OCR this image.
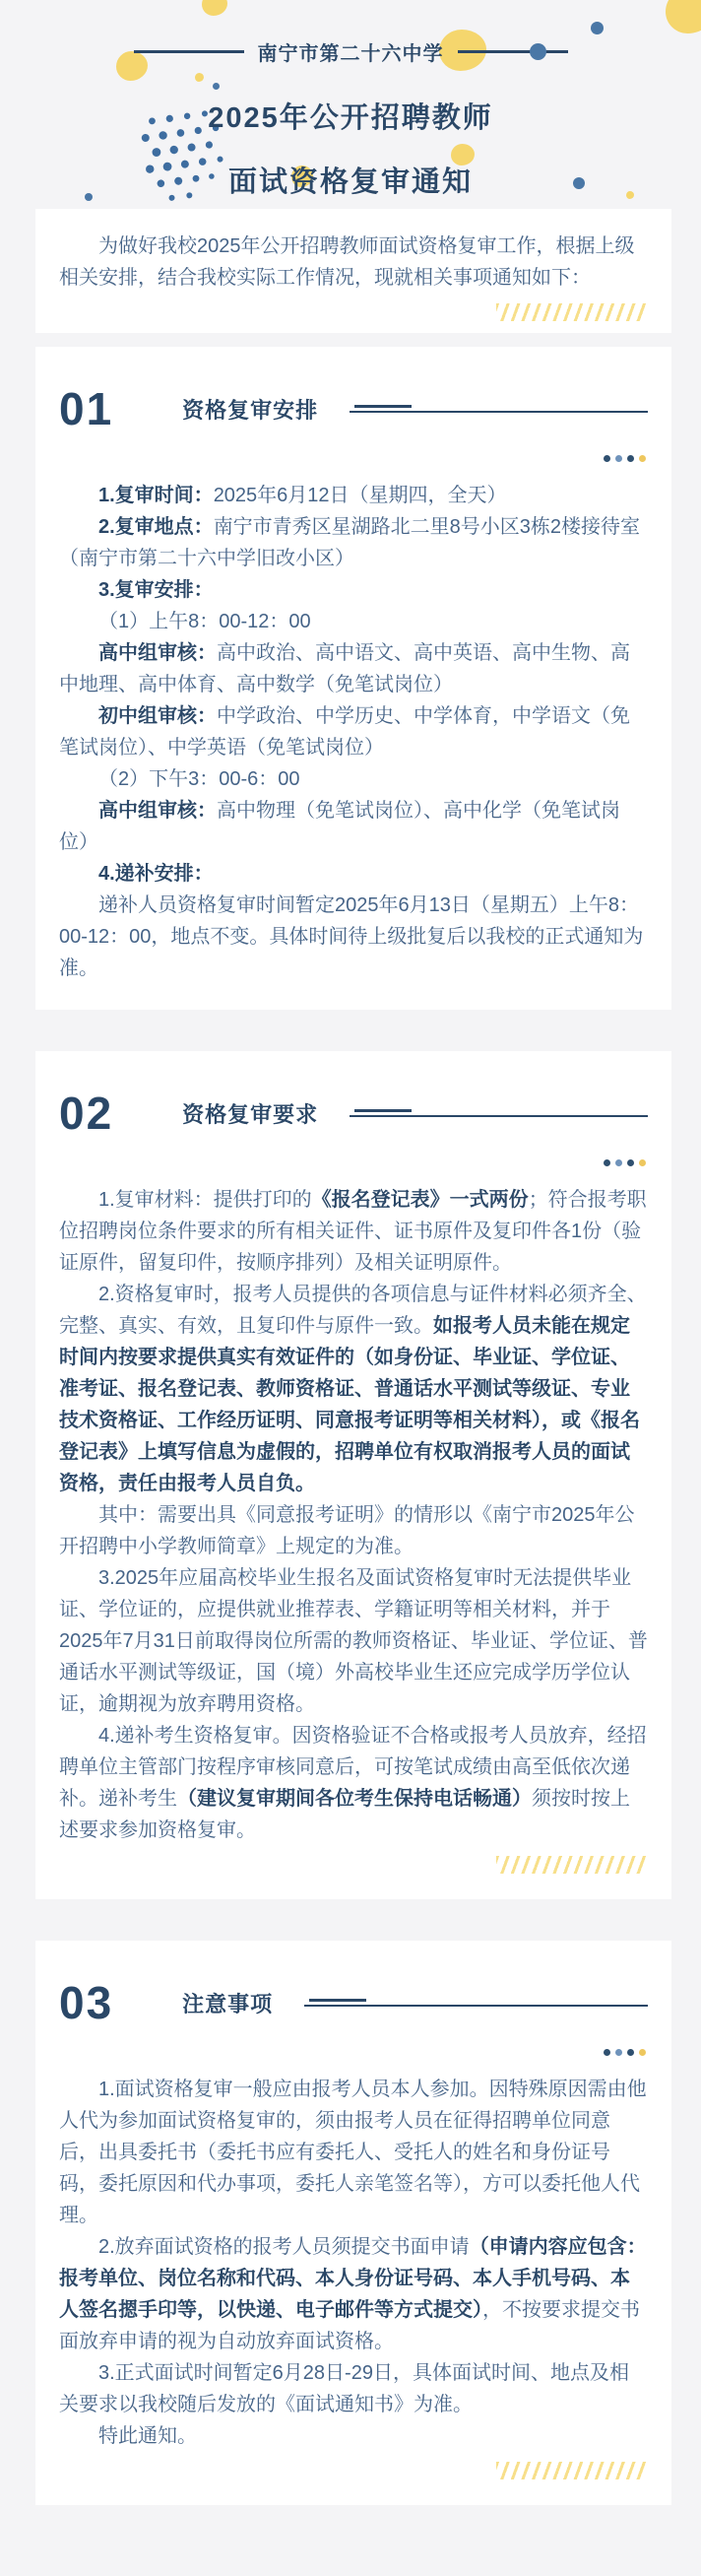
南宁市第二十六中学
2025年公开招聘教师
面试资格复审通知

为做好我校2025年公开招聘教师面试资格复审工作，根据上级相关安排，结合我校实际工作情况，现就相关事项通知如下：

01	资格复审安排

1.复审时间：2025年6月12日（星期四，全天）

2.复审地点：南宁市青秀区星湖路北二里8号小区3栋2楼接待室（南宁市第二十六中学旧改小区）

3.复审安排：

（1）上午8：00-12：00

高中组审核：高中政治、高中语文、高中英语、高中生物、高中地理、高中体育、高中数学（免笔试岗位）

初中组审核：中学政治、中学历史、中学体育，中学语文（免笔试岗位）、中学英语（免笔试岗位）

（2）下午3：00-6：00

高中组审核：高中物理（免笔试岗位）、高中化学（免笔试岗位）

4.递补安排：

递补人员资格复审时间暂定2025年6月13日（星期五）上午8：00-12：00，地点不变。具体时间待上级批复后以我校的正式通知为准。

02	资格复审要求

1.复审材料：提供打印的《报名登记表》一式两份；符合报考职位招聘岗位条件要求的所有相关证件、证书原件及复印件各1份（验证原件，留复印件，按顺序排列）及相关证明原件。

2.资格复审时，报考人员提供的各项信息与证件材料必须齐全、完整、真实、有效，且复印件与原件一致。如报考人员未能在规定时间内按要求提供真实有效证件的（如身份证、毕业证、学位证、准考证、报名登记表、教师资格证、普通话水平测试等级证、专业技术资格证、工作经历证明、同意报考证明等相关材料），或《报名登记表》上填写信息为虚假的，招聘单位有权取消报考人员的面试资格，责任由报考人员自负。

其中：需要出具《同意报考证明》的情形以《南宁市2025年公开招聘中小学教师简章》上规定的为准。

3.2025年应届高校毕业生报名及面试资格复审时无法提供毕业证、学位证的，应提供就业推荐表、学籍证明等相关材料，并于2025年7月31日前取得岗位所需的教师资格证、毕业证、学位证、普通话水平测试等级证，国（境）外高校毕业生还应完成学历学位认证，逾期视为放弃聘用资格。

4.递补考生资格复审。因资格验证不合格或报考人员放弃，经招聘单位主管部门按程序审核同意后，可按笔试成绩由高至低依次递补。递补考生（建议复审期间各位考生保持电话畅通）须按时按上述要求参加资格复审。

03	注意事项

1.面试资格复审一般应由报考人员本人参加。因特殊原因需由他人代为参加面试资格复审的，须由报考人员在征得招聘单位同意后，出具委托书（委托书应有委托人、受托人的姓名和身份证号码，委托原因和代办事项，委托人亲笔签名等），方可以委托他人代理。

2.放弃面试资格的报考人员须提交书面申请（申请内容应包含：报考单位、岗位名称和代码、本人身份证号码、本人手机号码、本人签名摁手印等，以快递、电子邮件等方式提交），不按要求提交书面放弃申请的视为自动放弃面试资格。

3.正式面试时间暂定6月28日-29日，具体面试时间、地点及相关要求以我校随后发放的《面试通知书》为准。

特此通知。
